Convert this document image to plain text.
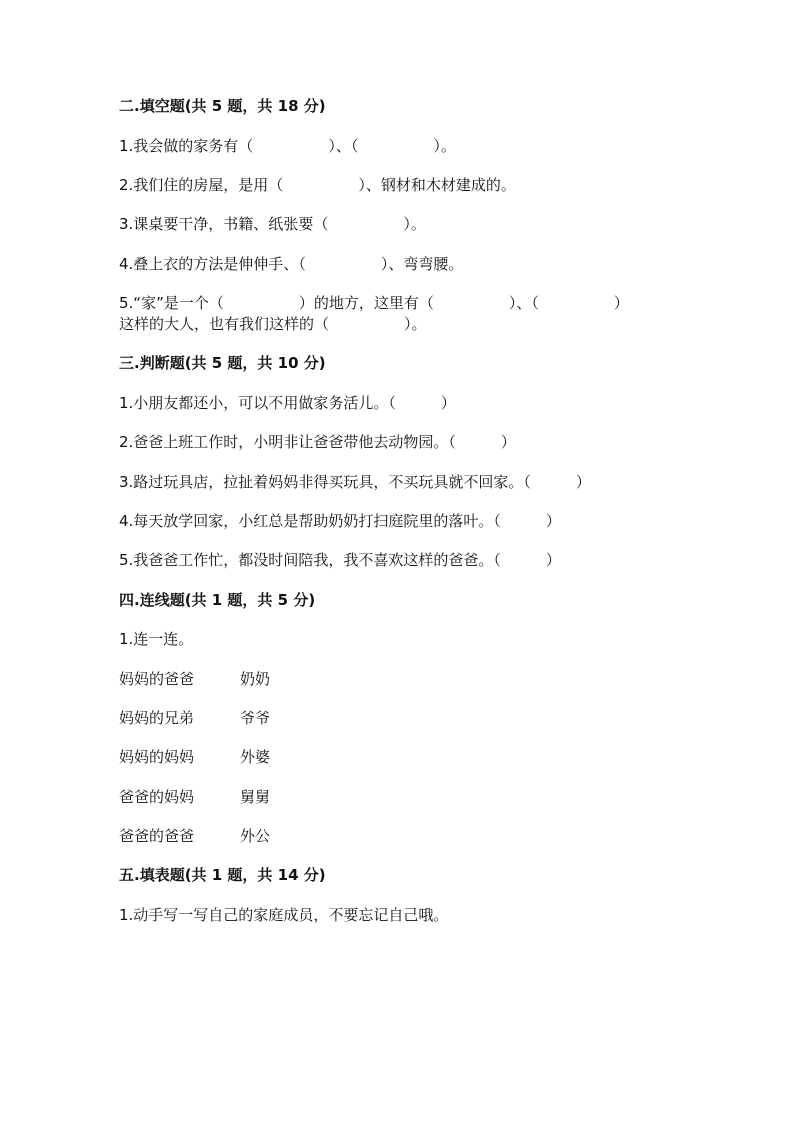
二.填空题(共 5 题，共 18 分)
1.我会做的家务有（　　　　　）、（　　　　　）。
2.我们住的房屋，是用（　　　　　）、钢材和木材建成的。
3.课桌要干净，书籍、纸张要（　　　　　）。
4.叠上衣的方法是伸伸手、（　　　　　）、弯弯腰。
5.“家”是一个（　　　　　）的地方，这里有（　　　　　）、（　　　　　）
这样的大人，也有我们这样的（　　　　　）。
三.判断题(共 5 题，共 10 分)
1.小朋友都还小，可以不用做家务活儿。（　　　）
2.爸爸上班工作时，小明非让爸爸带他去动物园。（　　　）
3.路过玩具店，拉扯着妈妈非得买玩具，不买玩具就不回家。（　　　）
4.每天放学回家，小红总是帮助奶奶打扫庭院里的落叶。（　　　）
5.我爸爸工作忙，都没时间陪我，我不喜欢这样的爸爸。（　　　）
四.连线题(共 1 题，共 5 分)
1.连一连。
妈妈的爸爸	奶奶
妈妈的兄弟	爷爷
妈妈的妈妈	外婆
爸爸的妈妈	舅舅
爸爸的爸爸	外公
五.填表题(共 1 题，共 14 分)
1.动手写一写自己的家庭成员，不要忘记自己哦。
